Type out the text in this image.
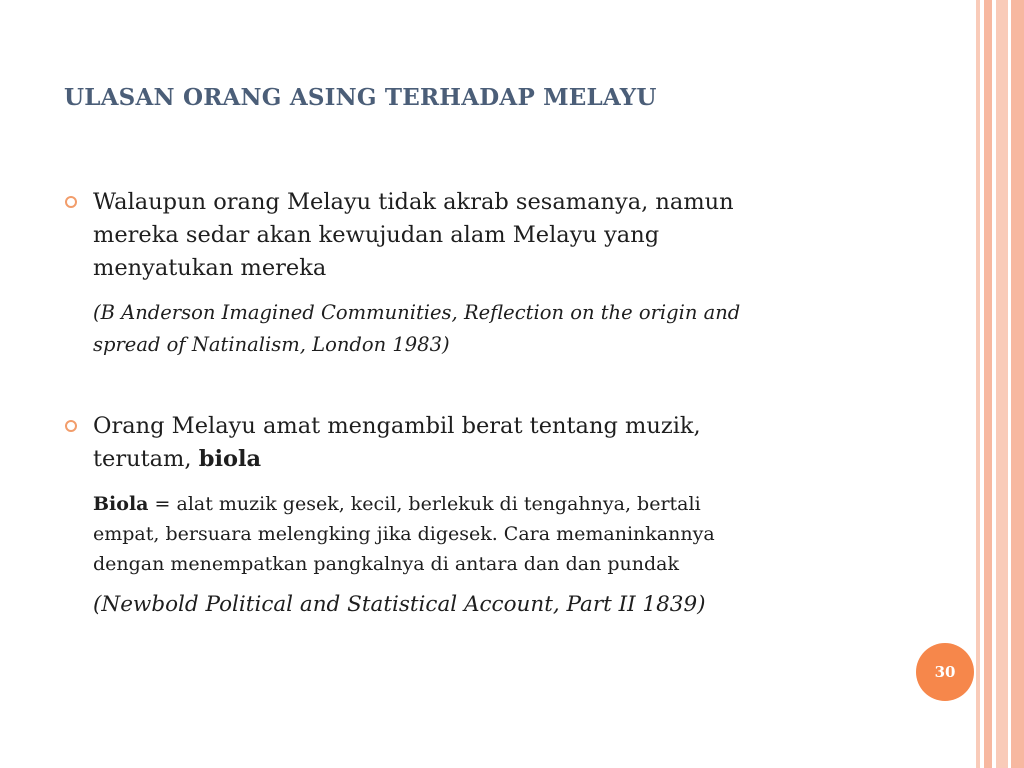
ULASAN ORANG ASING TERHADAP MELAYU

Walaupun orang Melayu tidak akrab sesamanya, namun
mereka sedar akan kewujudan alam Melayu yang
menyatukan mereka

(B Anderson Imagined Communities, Reflection on the origin and
spread of Natinalism, London 1983)

Orang Melayu amat mengambil berat tentang muzik,
terutam, biola

Biola = alat muzik gesek, kecil, berlekuk di tengahnya, bertali
empat, bersuara melengking jika digesek. Cara memaninkannya
dengan menempatkan pangkalnya di antara dan dan pundak

(Newbold Political and Statistical Account, Part II 1839)

30
